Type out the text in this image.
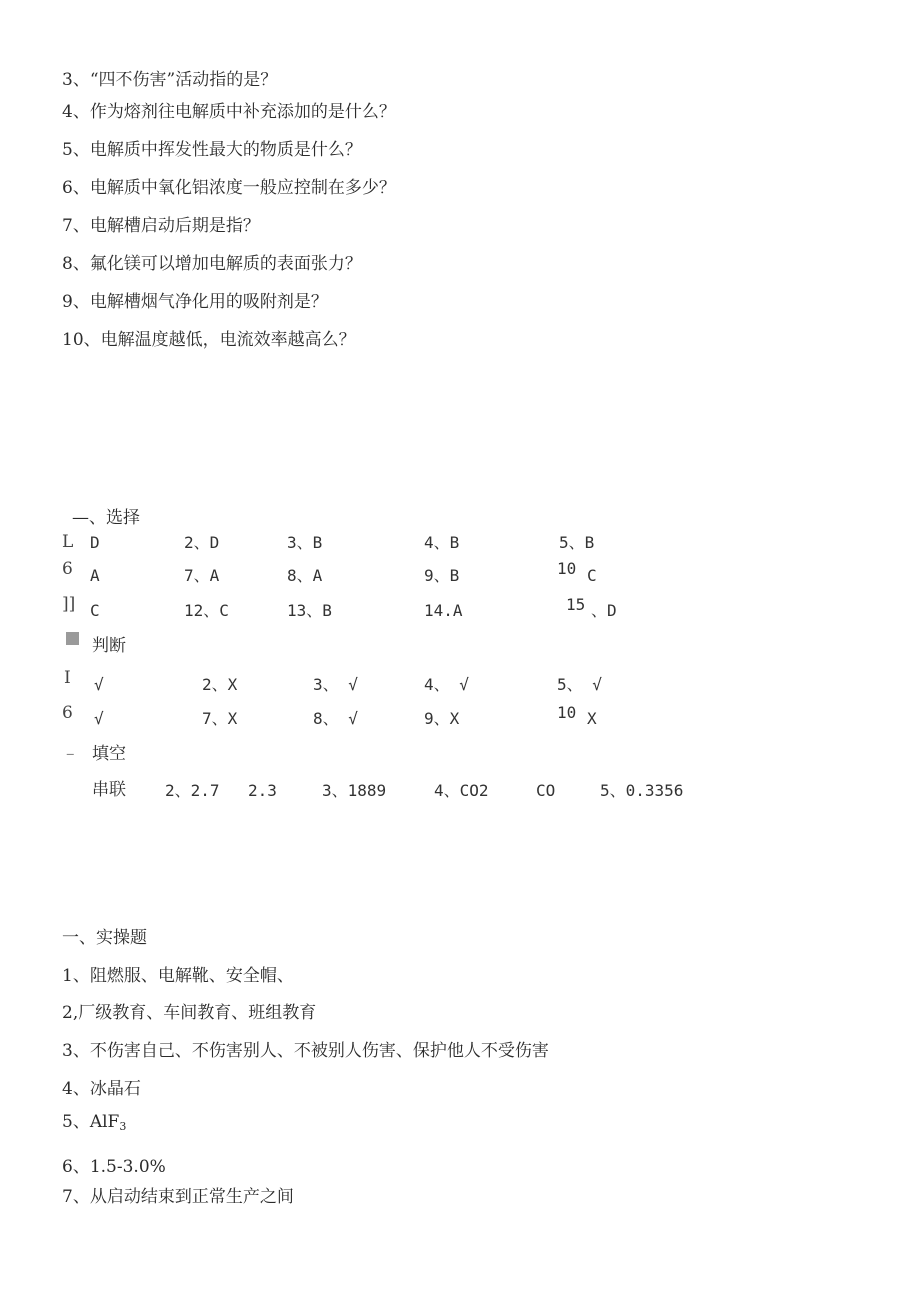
3、“四不伤害”活动指的是？
4、作为熔剂往电解质中补充添加的是什么？
5、电解质中挥发性最大的物质是什么？
6、电解质中氧化铝浓度一般应控制在多少？
7、电解槽启动后期是指？
8、氟化镁可以增加电解质的表面张力？
9、电解槽烟气净化用的吸附剂是？
10、电解温度越低，电流效率越高么？
—、选择
L D	2、D	3、B	4、B	5、B
6 A	7、A	8、A	9、B	10 C
]] C	12、C	13、B	14.A	15 、D
判断
I √	2、X	3、 √	4、 √	5、 √
6 √	7、X	8、 √	9、X	10 X
– 填空
串联 2、2.7 2.3	3、1889	4、CO2	CO	5、0.3356
一、实操题
1、阻燃服、电解靴、安全帽、
2,厂级教育、车间教育、班组教育
3、不伤害自己、不伤害别人、不被别人伤害、保护他人不受伤害
4、冰晶石
5、AlF$_3$
6、1.5-3.0%
7、从启动结束到正常生产之间
